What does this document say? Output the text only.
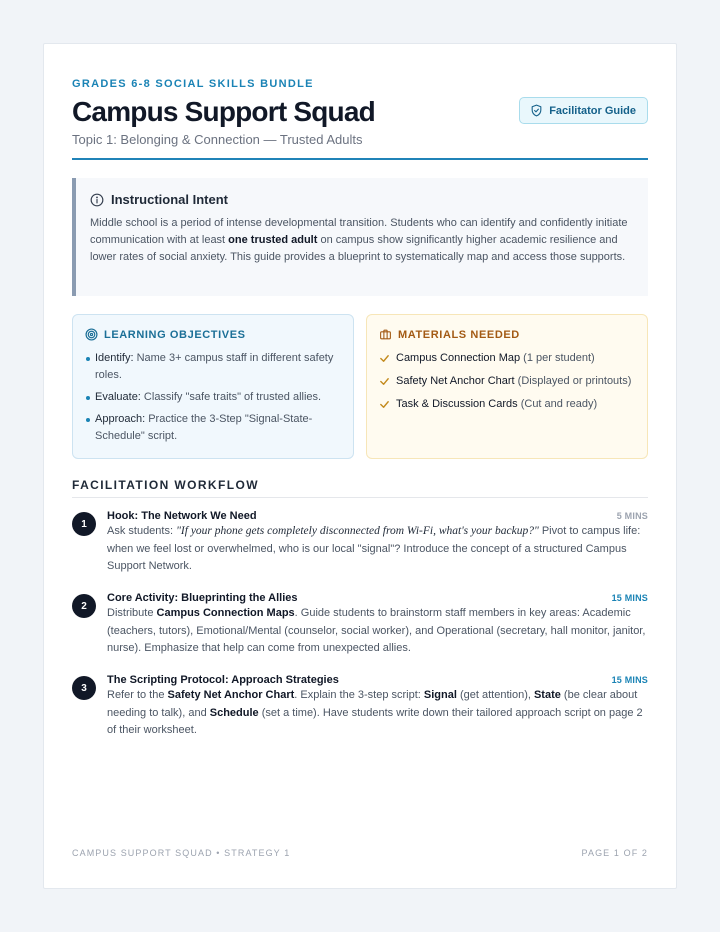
GRADES 6-8 SOCIAL SKILLS BUNDLE
Campus Support Squad
Topic 1: Belonging & Connection — Trusted Adults
Facilitator Guide
Instructional Intent

Middle school is a period of intense developmental transition. Students who can identify and confidently initiate communication with at least one trusted adult on campus show significantly higher academic resilience and lower rates of social anxiety. This guide provides a blueprint to systematically map and access those supports.

LEARNING OBJECTIVES
Identify: Name 3+ campus staff in different safety roles.
Evaluate: Classify "safe traits" of trusted allies.
Approach: Practice the 3-Step "Signal-State-Schedule" script.
MATERIALS NEEDED
Campus Connection Map (1 per student)
Safety Net Anchor Chart (Displayed or printouts)
Task & Discussion Cards (Cut and ready)
FACILITATION WORKFLOW
1
Hook: The Network We Need	5 MINS

Ask students: "If your phone gets completely disconnected from Wi-Fi, what's your backup?" Pivot to campus life: when we feel lost or overwhelmed, who is our local "signal"? Introduce the concept of a structured Campus Support Network.

2
Core Activity: Blueprinting the Allies	15 MINS

Distribute Campus Connection Maps. Guide students to brainstorm staff members in key areas: Academic (teachers, tutors), Emotional/Mental (counselor, social worker), and Operational (secretary, hall monitor, janitor, nurse). Emphasize that help can come from unexpected allies.

3
The Scripting Protocol: Approach Strategies	15 MINS

Refer to the Safety Net Anchor Chart. Explain the 3-step script: Signal (get attention), State (be clear about needing to talk), and Schedule (set a time). Have students write down their tailored approach script on page 2 of their worksheet.

CAMPUS SUPPORT SQUAD • STRATEGY 1	PAGE 1 OF 2
